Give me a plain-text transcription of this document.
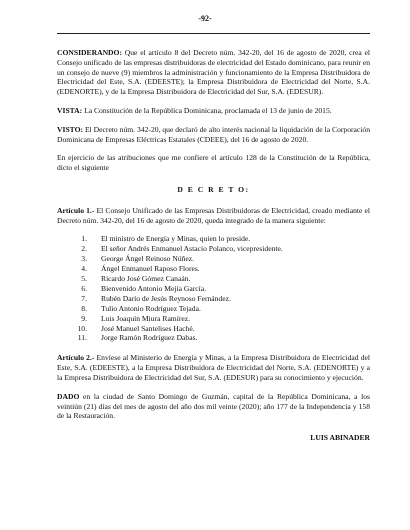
-92-

CONSIDERANDO: Que el artículo 8 del Decreto núm. 342-20, del 16 de agosto de 2020, crea el Consejo unificado de las empresas distribuidoras de electricidad del Estado dominicano, para reunir en un consejo de nueve (9) miembros la administración y funcionamiento de la Empresa Distribuidora de Electricidad del Este, S.A. (EDEESTE); la Empresa Distribuidora de Electricidad del Norte, S.A. (EDENORTE), y de la Empresa Distribuidora de Electricidad del Sur, S.A. (EDESUR).

VISTA: La Constitución de la República Dominicana, proclamada el 13 de junio de 2015.

VISTO: El Decreto núm. 342-20, que declaró de alto interés nacional la liquidación de la Corporación Dominicana de Empresas Eléctricas Estatales (CDEEE), del 16 de agosto de 2020.

En ejercicio de las atribuciones que me confiere el artículo 128 de la Constitución de la República, dicto el siguiente

D E C R E T O:

Artículo 1.- El Consejo Unificado de las Empresas Distribuidoras de Electricidad, creado mediante el Decreto núm. 342-20, del 16 de agosto de 2020, queda integrado de la manera siguiente:

1. El ministro de Energía y Minas, quien lo preside.
2. El señor Andrés Enmanuel Astacio Polanco, vicepresidente.
3. George Ángel Reinoso Núñez.
4. Ángel Enmanuel Raposo Flores.
5. Ricardo José Gómez Canaán.
6. Bienvenido Antonio Mejía García.
7. Rubén Darío de Jesús Reynoso Fernández.
8. Tulio Antonio Rodríguez Tejada.
9. Luis Joaquín Miura Ramírez.
10. José Manuel Santelises Haché.
11. Jorge Ramón Rodríguez Dabas.

Artículo 2.- Envíese al Ministerio de Energía y Minas, a la Empresa Distribuidora de Electricidad del Este, S.A. (EDEESTE), a la Empresa Distribuidora de Electricidad del Norte, S.A. (EDENORTE) y a la Empresa Distribuidora de Electricidad del Sur, S.A. (EDESUR) para su conocimiento y ejecución.

DADO en la ciudad de Santo Domingo de Guzmán, capital de la República Dominicana, a los veintiún (21) días del mes de agosto del año dos mil veinte (2020); año 177 de la Independencia y 158 de la Restauración.

LUIS ABINADER
